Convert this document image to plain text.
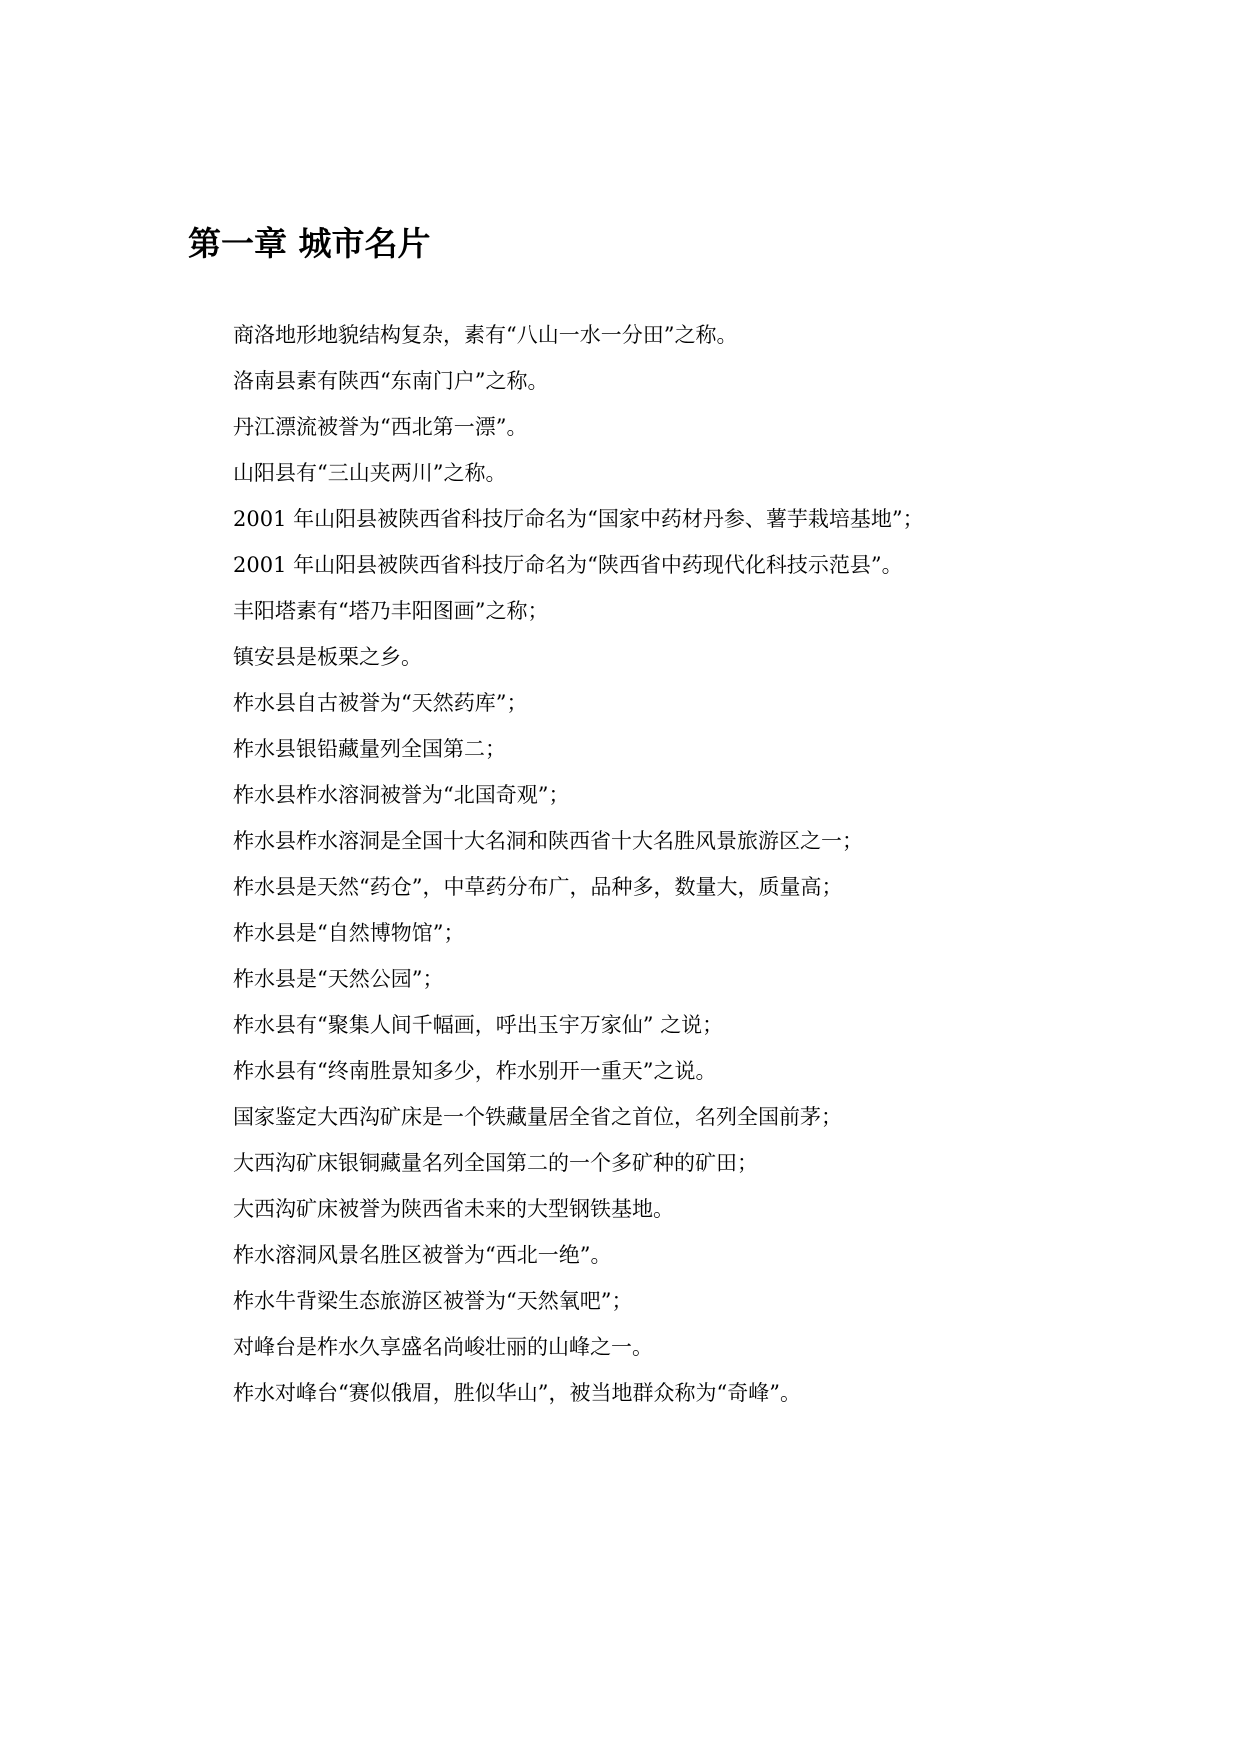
第一章 城市名片
商洛地形地貌结构复杂，素有“八山一水一分田”之称。
洛南县素有陕西“东南门户”之称。
丹江漂流被誉为“西北第一漂”。
山阳县有“三山夹两川”之称。
2001 年山阳县被陕西省科技厅命名为“国家中药材丹参、薯芋栽培基地”；
2001 年山阳县被陕西省科技厅命名为“陕西省中药现代化科技示范县”。
丰阳塔素有“塔乃丰阳图画”之称；
镇安县是板栗之乡。
柞水县自古被誉为“天然药库”；
柞水县银铅藏量列全国第二；
柞水县柞水溶洞被誉为“北国奇观”；
柞水县柞水溶洞是全国十大名洞和陕西省十大名胜风景旅游区之一；
柞水县是天然“药仓”，中草药分布广，品种多，数量大，质量高；
柞水县是“自然博物馆”；
柞水县是“天然公园”；
柞水县有“聚集人间千幅画，呼出玉宇万家仙” 之说；
柞水县有“终南胜景知多少，柞水别开一重天”之说。
国家鉴定大西沟矿床是一个铁藏量居全省之首位，名列全国前茅；
大西沟矿床银铜藏量名列全国第二的一个多矿种的矿田；
大西沟矿床被誉为陕西省未来的大型钢铁基地。
柞水溶洞风景名胜区被誉为“西北一绝”。
柞水牛背梁生态旅游区被誉为“天然氧吧”；
对峰台是柞水久享盛名尚峻壮丽的山峰之一。
柞水对峰台“赛似俄眉，胜似华山”，被当地群众称为“奇峰”。
